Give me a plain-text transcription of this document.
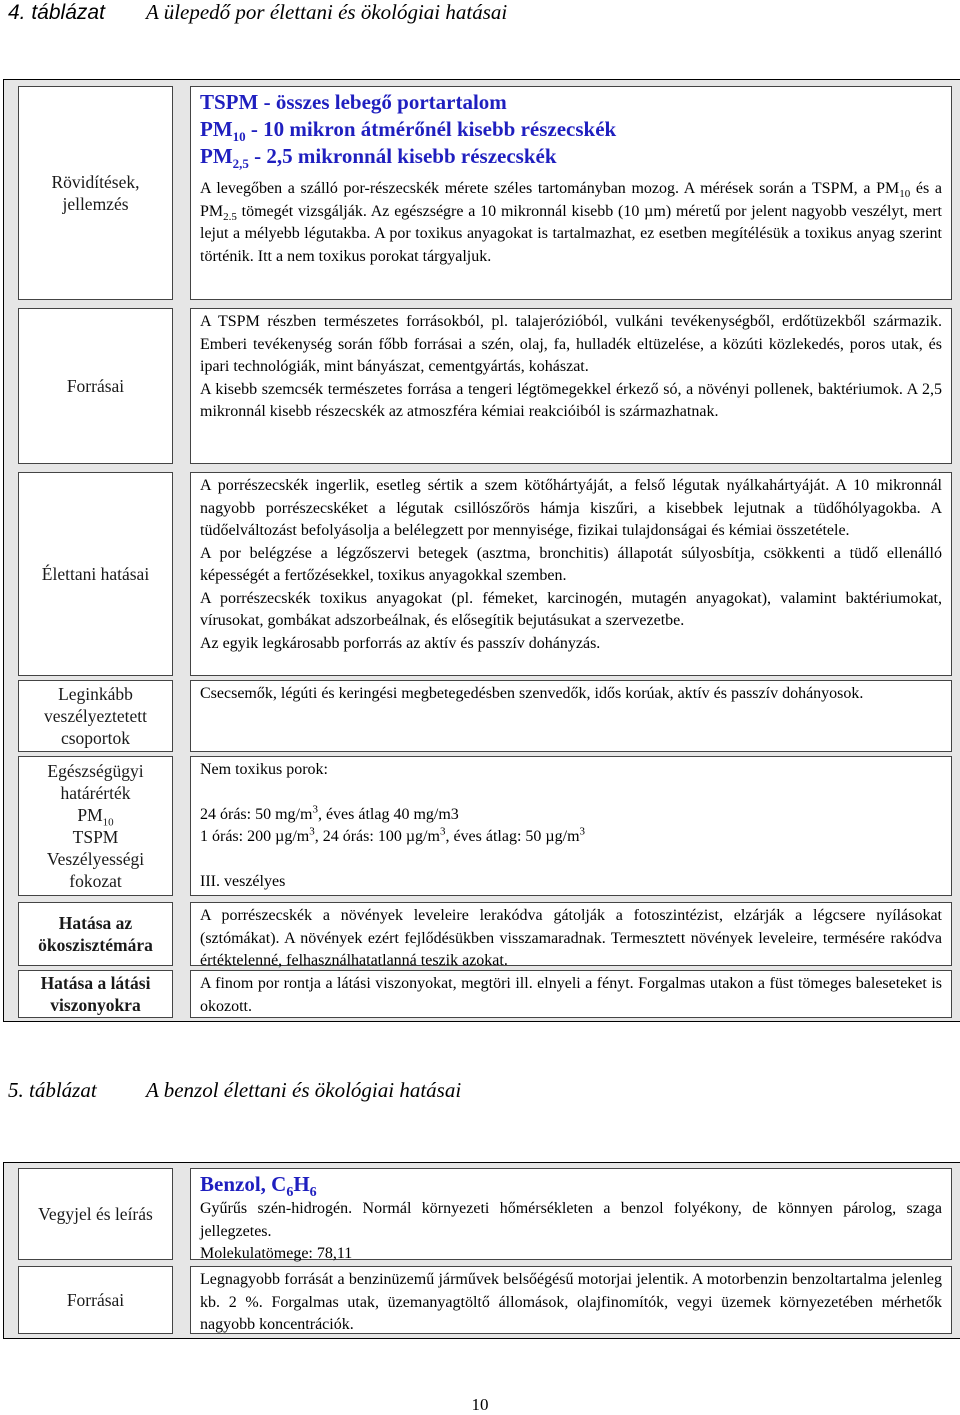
4. táblázat A ülepedő por élettani és ökológiai hatásai
Rövidítések, jellemzés
Forrásai
Élettani hatásai
Leginkább veszélyeztetett csoportok
Egészségügyi határérték
$PM_{10}$
TSPM
Veszélyességi fokozat
Hatása az ökoszisztémára
Hatása a látási viszonyokra
TSPM - összes lebegő portartalom
$PM_{10} - 10$ mikron átmérőnél kisebb részecskék
$PM_{2,5} - 2,5$ mikronnál kisebb részecskék

A levegőben a szálló por-részecskék mérete széles tartományban mozog. A mérések során a TSPM, a $PM_{10}$ és a $PM_{2.5}$ tömegét vizsgálják. Az egészségre a 10 mikronnál kisebb (10 µm) méretű por jelent nagyobb veszélyt, mert lejut a mélyebb légutakba. A por toxikus anyagokat is tartalmazhat, ez esetben megítélésük a toxikus anyag szerint történik. Itt a nem toxikus porokat tárgyaljuk.

A TSPM részben természetes forrásokból, pl. talajerózióból, vulkáni tevékenységből, erdőtüzekből származik. Emberi tevékenység során főbb forrásai a szén, olaj, fa, hulladék eltüzelése, a közúti közlekedés, poros utak, és ipari technológiák, mint bányászat, cementgyártás, kohászat.

A kisebb szemcsék természetes forrása a tengeri légtömegekkel érkező só, a növényi pollenek, baktériumok. A 2,5 mikronnál kisebb részecskék az atmoszféra kémiai reakcióiból is származhatnak.

A porrészecskék ingerlik, esetleg sértik a szem kötőhártyáját, a felső légutak nyálkahártyáját. A 10 mikronnál nagyobb porrészecskéket a légutak csillószőrös hámja kiszűri, a kisebbek lejutnak a tüdőhólyagokba. A tüdőelváltozást befolyásolja a belélegzett por mennyisége, fizikai tulajdonságai és kémiai összetétele.

A por belégzése a légzőszervi betegek (asztma, bronchitis) állapotát súlyosbítja, csökkenti a tüdő ellenálló képességét a fertőzésekkel, toxikus anyagokkal szemben.

A porrészecskék toxikus anyagokat (pl. fémeket, karcinogén, mutagén anyagokat), valamint baktériumokat, vírusokat, gombákat adszorbeálnak, és elősegítik bejutásukat a szervezetbe.

Az egyik legkárosabb porforrás az aktív és passzív dohányzás.

Csecsemők, légúti és keringési megbetegedésben szenvedők, idős korúak, aktív és passzív dohányosok.

Nem toxikus porok:

24 órás: 50 $mg/m^3$, éves átlag 40 mg/m3

1 órás: 200 $\mu g/m^3$, 24 órás: 100 $\mu g/m^3$, éves átlag: 50 $\mu g/m^3$

III. veszélyes

A porrészecskék a növények leveleire lerakódva gátolják a fotoszintézist, elzárják a légcsere nyílásokat (sztómákat). A növények ezért fejlődésükben visszamaradnak. Termesztett növények leveleire, termésére rakódva értéktelenné, felhasználhatatlanná teszik azokat.

A finom por rontja a látási viszonyokat, megtöri ill. elnyeli a fényt. Forgalmas utakon a füst tömeges baleseteket is okozott.

5. táblázat A benzol élettani és ökológiai hatásai
Vegyjel és leírás
Forrásai
Benzol, $C_6H_6$

Gyűrűs szén-hidrogén. Normál környezeti hőmérsékleten a benzol folyékony, de könnyen párolog, szaga jellegzetes.

Molekulatömege: 78,11

Legnagyobb forrását a benzinüzemű járművek belsőégésű motorjai jelentik. A motorbenzin benzoltartalma jelenleg kb. 2 %. Forgalmas utak, üzemanyagtöltő állomások, olajfinomítók, vegyi üzemek környezetében mérhetők nagyobb koncentrációk.

10
